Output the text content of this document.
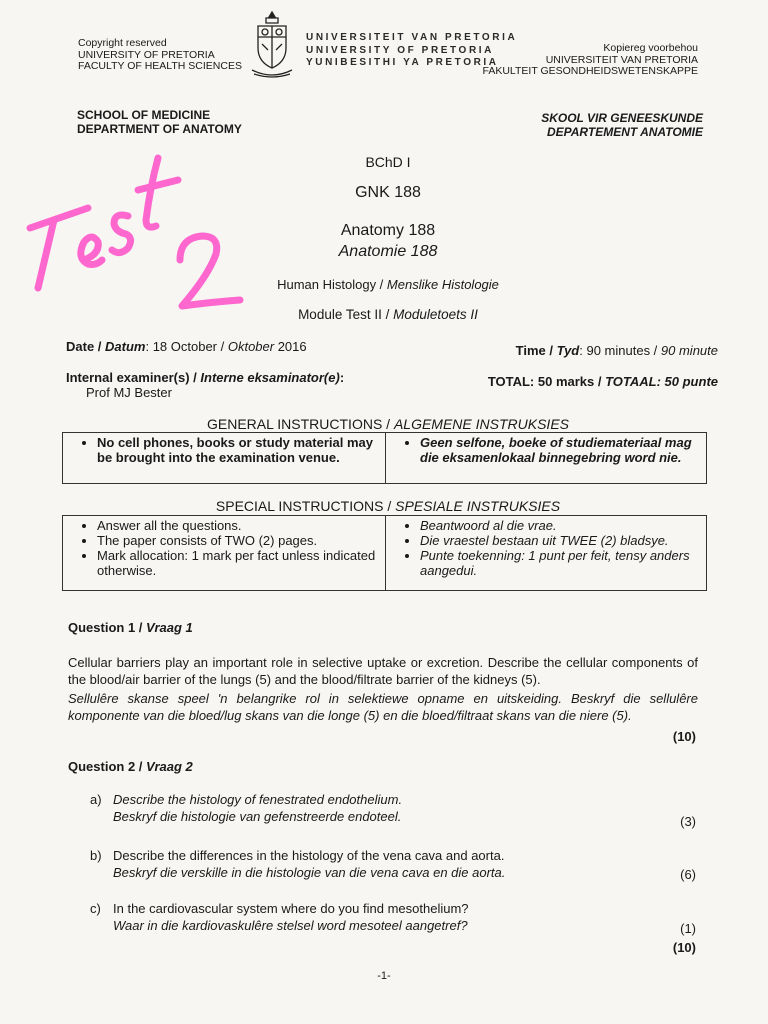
Copyright reserved
UNIVERSITY OF PRETORIA
FACULTY OF HEALTH SCIENCES
UNIVERSITEIT VAN PRETORIA
UNIVERSITY OF PRETORIA
YUNIBESITHI YA PRETORIA
Kopiereg voorbehou
UNIVERSITEIT VAN PRETORIA
FAKULTEIT GESONDHEIDSWETENSKAPPE
SCHOOL OF MEDICINE
DEPARTMENT OF ANATOMY
SKOOL VIR GENEESKUNDE
DEPARTEMENT ANATOMIE
BChD I
GNK 188
Anatomy 188
Anatomie 188
Human Histology / Menslike Histologie
Module Test II / Moduletoets II
Date / Datum: 18 October / Oktober 2016	Time / Tyd: 90 minutes / 90 minute
Internal examiner(s) / Interne eksaminator(e):
Prof MJ Bester
TOTAL: 50 marks / TOTAAL: 50 punte
GENERAL INSTRUCTIONS / ALGEMENE INSTRUKSIES
• No cell phones, books or study material may be brought into the examination venue.
• Geen selfone, boeke of studiemateriaal mag die eksamenlokaal binnegebring word nie.
SPECIAL INSTRUCTIONS / SPESIALE INSTRUKSIES
• Answer all the questions.
• The paper consists of TWO (2) pages.
• Mark allocation: 1 mark per fact unless indicated otherwise.
• Beantwoord al die vrae.
• Die vraestel bestaan uit TWEE (2) bladsye.
• Punte toekenning: 1 punt per feit, tensy anders aangedui.
Question 1 / Vraag 1
Cellular barriers play an important role in selective uptake or excretion. Describe the cellular components of the blood/air barrier of the lungs (5) and the blood/filtrate barrier of the kidneys (5).
Sellulêre skanse speel 'n belangrike rol in selektiewe opname en uitskeiding. Beskryf die sellulêre komponente van die bloed/lug skans van die longe (5) en die bloed/filtraat skans van die niere (5).
(10)
Question 2 / Vraag 2
a) Describe the histology of fenestrated endothelium.
Beskryf die histologie van gefenstreerde endoteel.	(3)
b) Describe the differences in the histology of the vena cava and aorta.
Beskryf die verskille in die histologie van die vena cava en die aorta.	(6)
c) In the cardiovascular system where do you find mesothelium?
Waar in die kardiovaskulêre stelsel word mesoteel aangetref?	(1)
(10)
-1-
